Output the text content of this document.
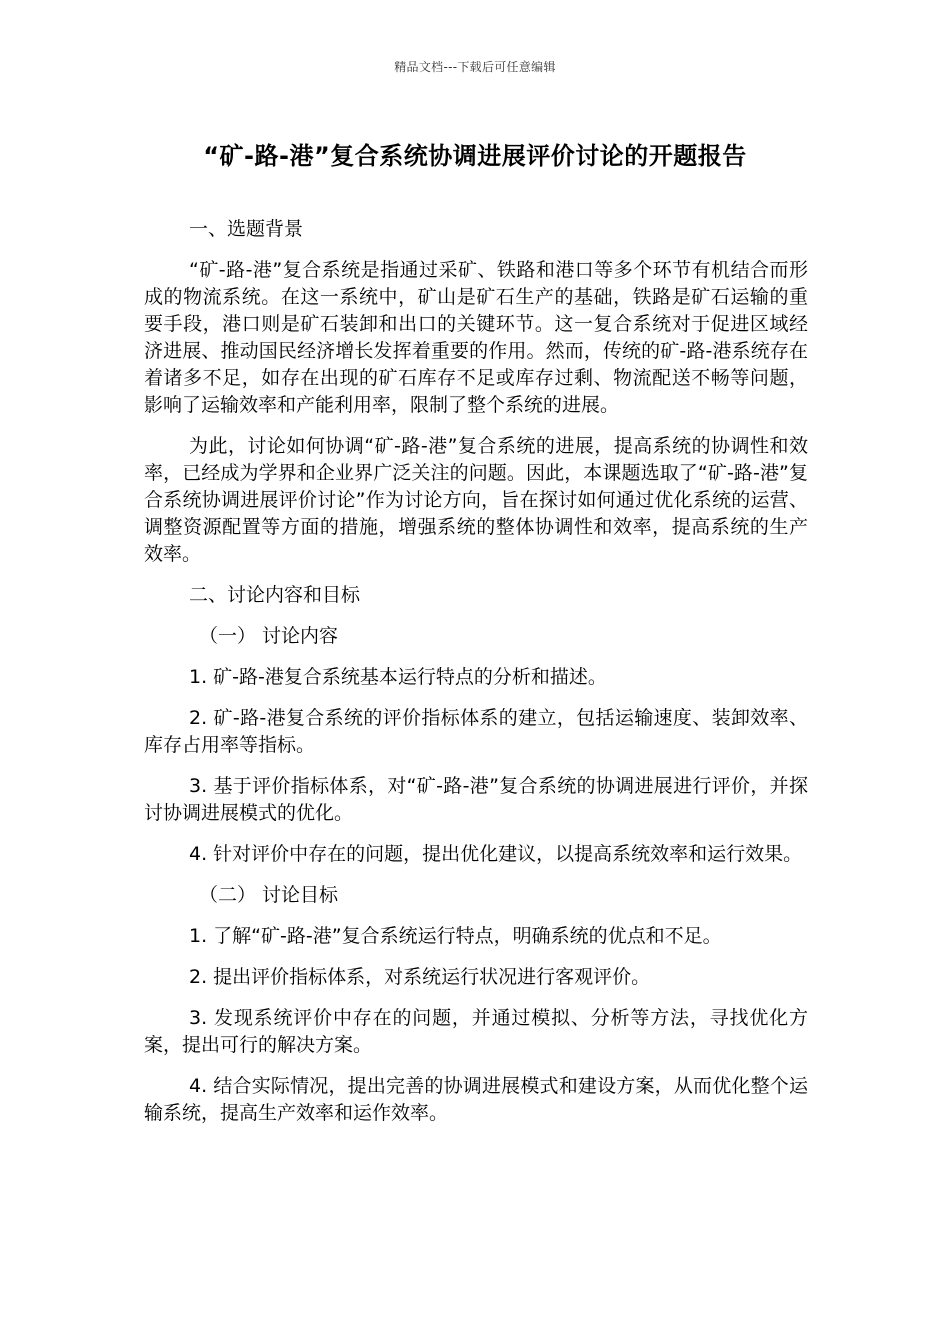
精品文档---下载后可任意编辑
“矿-路-港”复合系统协调进展评价讨论的开题报告

一、选题背景

“矿-路-港”复合系统是指通过采矿、铁路和港口等多个环节有机结合而形成的物流系统。在这一系统中，矿山是矿石生产的基础，铁路是矿石运输的重要手段，港口则是矿石装卸和出口的关键环节。这一复合系统对于促进区域经济进展、推动国民经济增长发挥着重要的作用。然而，传统的矿-路-港系统存在着诸多不足，如存在出现的矿石库存不足或库存过剩、物流配送不畅等问题，影响了运输效率和产能利用率，限制了整个系统的进展。

为此，讨论如何协调“矿-路-港”复合系统的进展，提高系统的协调性和效率，已经成为学界和企业界广泛关注的问题。因此，本课题选取了“矿-路-港”复合系统协调进展评价讨论”作为讨论方向，旨在探讨如何通过优化系统的运营、调整资源配置等方面的措施，增强系统的整体协调性和效率，提高系统的生产效率。

二、讨论内容和目标

（一） 讨论内容

1. 矿-路-港复合系统基本运行特点的分析和描述。

2. 矿-路-港复合系统的评价指标体系的建立，包括运输速度、装卸效率、库存占用率等指标。

3. 基于评价指标体系，对“矿-路-港”复合系统的协调进展进行评价，并探讨协调进展模式的优化。

4. 针对评价中存在的问题，提出优化建议，以提高系统效率和运行效果。

（二） 讨论目标

1. 了解“矿-路-港”复合系统运行特点，明确系统的优点和不足。

2. 提出评价指标体系，对系统运行状况进行客观评价。

3. 发现系统评价中存在的问题，并通过模拟、分析等方法，寻找优化方案，提出可行的解决方案。

4. 结合实际情况，提出完善的协调进展模式和建设方案，从而优化整个运输系统，提高生产效率和运作效率。
